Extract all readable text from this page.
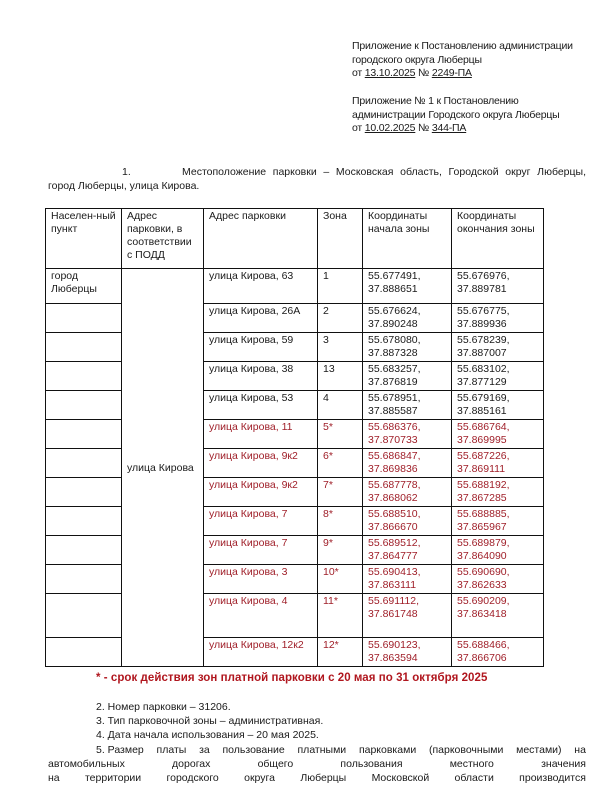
Приложение к Постановлению администрации
городского округа Люберцы
от 13.10.2025 № 2249-ПА
Приложение № 1 к Постановлению
администрации Городского округа Люберцы
от 10.02.2025 № 344-ПА
1.	Местоположение парковки – Московская область, Городской округ Люберцы, город Люберцы, улица Кирова.
Населен-ный пункт	Адрес парковки, в соответствии с ПОДД	Адрес парковки	Зона	Координаты начала зоны	Координаты окончания зоны
город Люберцы	улица Кирова	улица Кирова, 63	1	55.677491, 37.888651	55.676976, 37.889781
		улица Кирова, 26А	2	55.676624, 37.890248	55.676775, 37.889936
		улица Кирова, 59	3	55.678080, 37.887328	55.678239, 37.887007
		улица Кирова, 38	13	55.683257, 37.876819	55.683102, 37.877129
		улица Кирова, 53	4	55.678951, 37.885587	55.679169, 37.885161
		улица Кирова, 11	5*	55.686376, 37.870733	55.686764, 37.869995
		улица Кирова, 9к2	6*	55.686847, 37.869836	55.687226, 37.869111
		улица Кирова, 9к2	7*	55.687778, 37.868062	55.688192, 37.867285
		улица Кирова, 7	8*	55.688510, 37.866670	55.688885, 37.865967
		улица Кирова, 7	9*	55.689512, 37.864777	55.689879, 37.864090
		улица Кирова, 3	10*	55.690413, 37.863111	55.690690, 37.862633
		улица Кирова, 4	11*	55.691112, 37.861748	55.690209, 37.863418
		улица Кирова, 12к2	12*	55.690123, 37.863594	55.688466, 37.866706
* - срок действия зон платной парковки с 20 мая по 31 октября 2025
2. Номер парковки – 31206.
3. Тип парковочной зоны – административная.
4. Дата начала использования – 20 мая 2025.
5. Размер платы за пользование платными парковками (парковочными местами) на
автомобильных	дорогах	общего	пользования	местного	значения
на территории городского округа Люберцы Московской области производится
